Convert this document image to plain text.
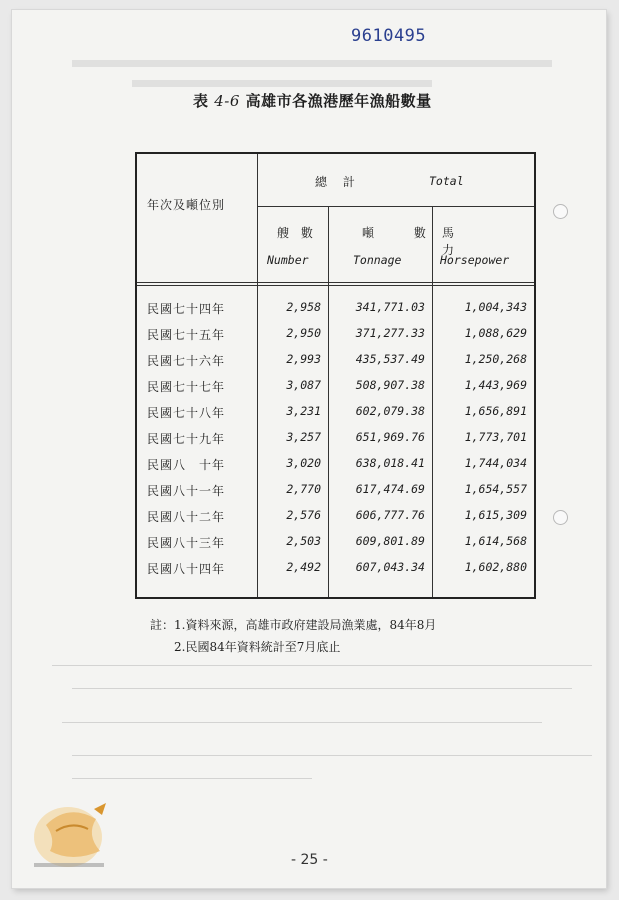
9610495
表 4-6 高雄市各漁港歷年漁船數量
年次及噸位別
總 計	Total
艘 數
Number
噸 數
Tonnage
馬 力
Horsepower
民國七十四年	2,958	341,771.03	1,004,343
民國七十五年	2,950	371,277.33	1,088,629
民國七十六年	2,993	435,537.49	1,250,268
民國七十七年	3,087	508,907.38	1,443,969
民國七十八年	3,231	602,079.38	1,656,891
民國七十九年	3,257	651,969.76	1,773,701
民國八　十年	3,020	638,018.41	1,744,034
民國八十一年	2,770	617,474.69	1,654,557
民國八十二年	2,576	606,777.76	1,615,309
民國八十三年	2,503	609,801.89	1,614,568
民國八十四年	2,492	607,043.34	1,602,880
註：1.資料來源，高雄市政府建設局漁業處，84年8月
2.民國84年資料統計至7月底止
- 25 -
